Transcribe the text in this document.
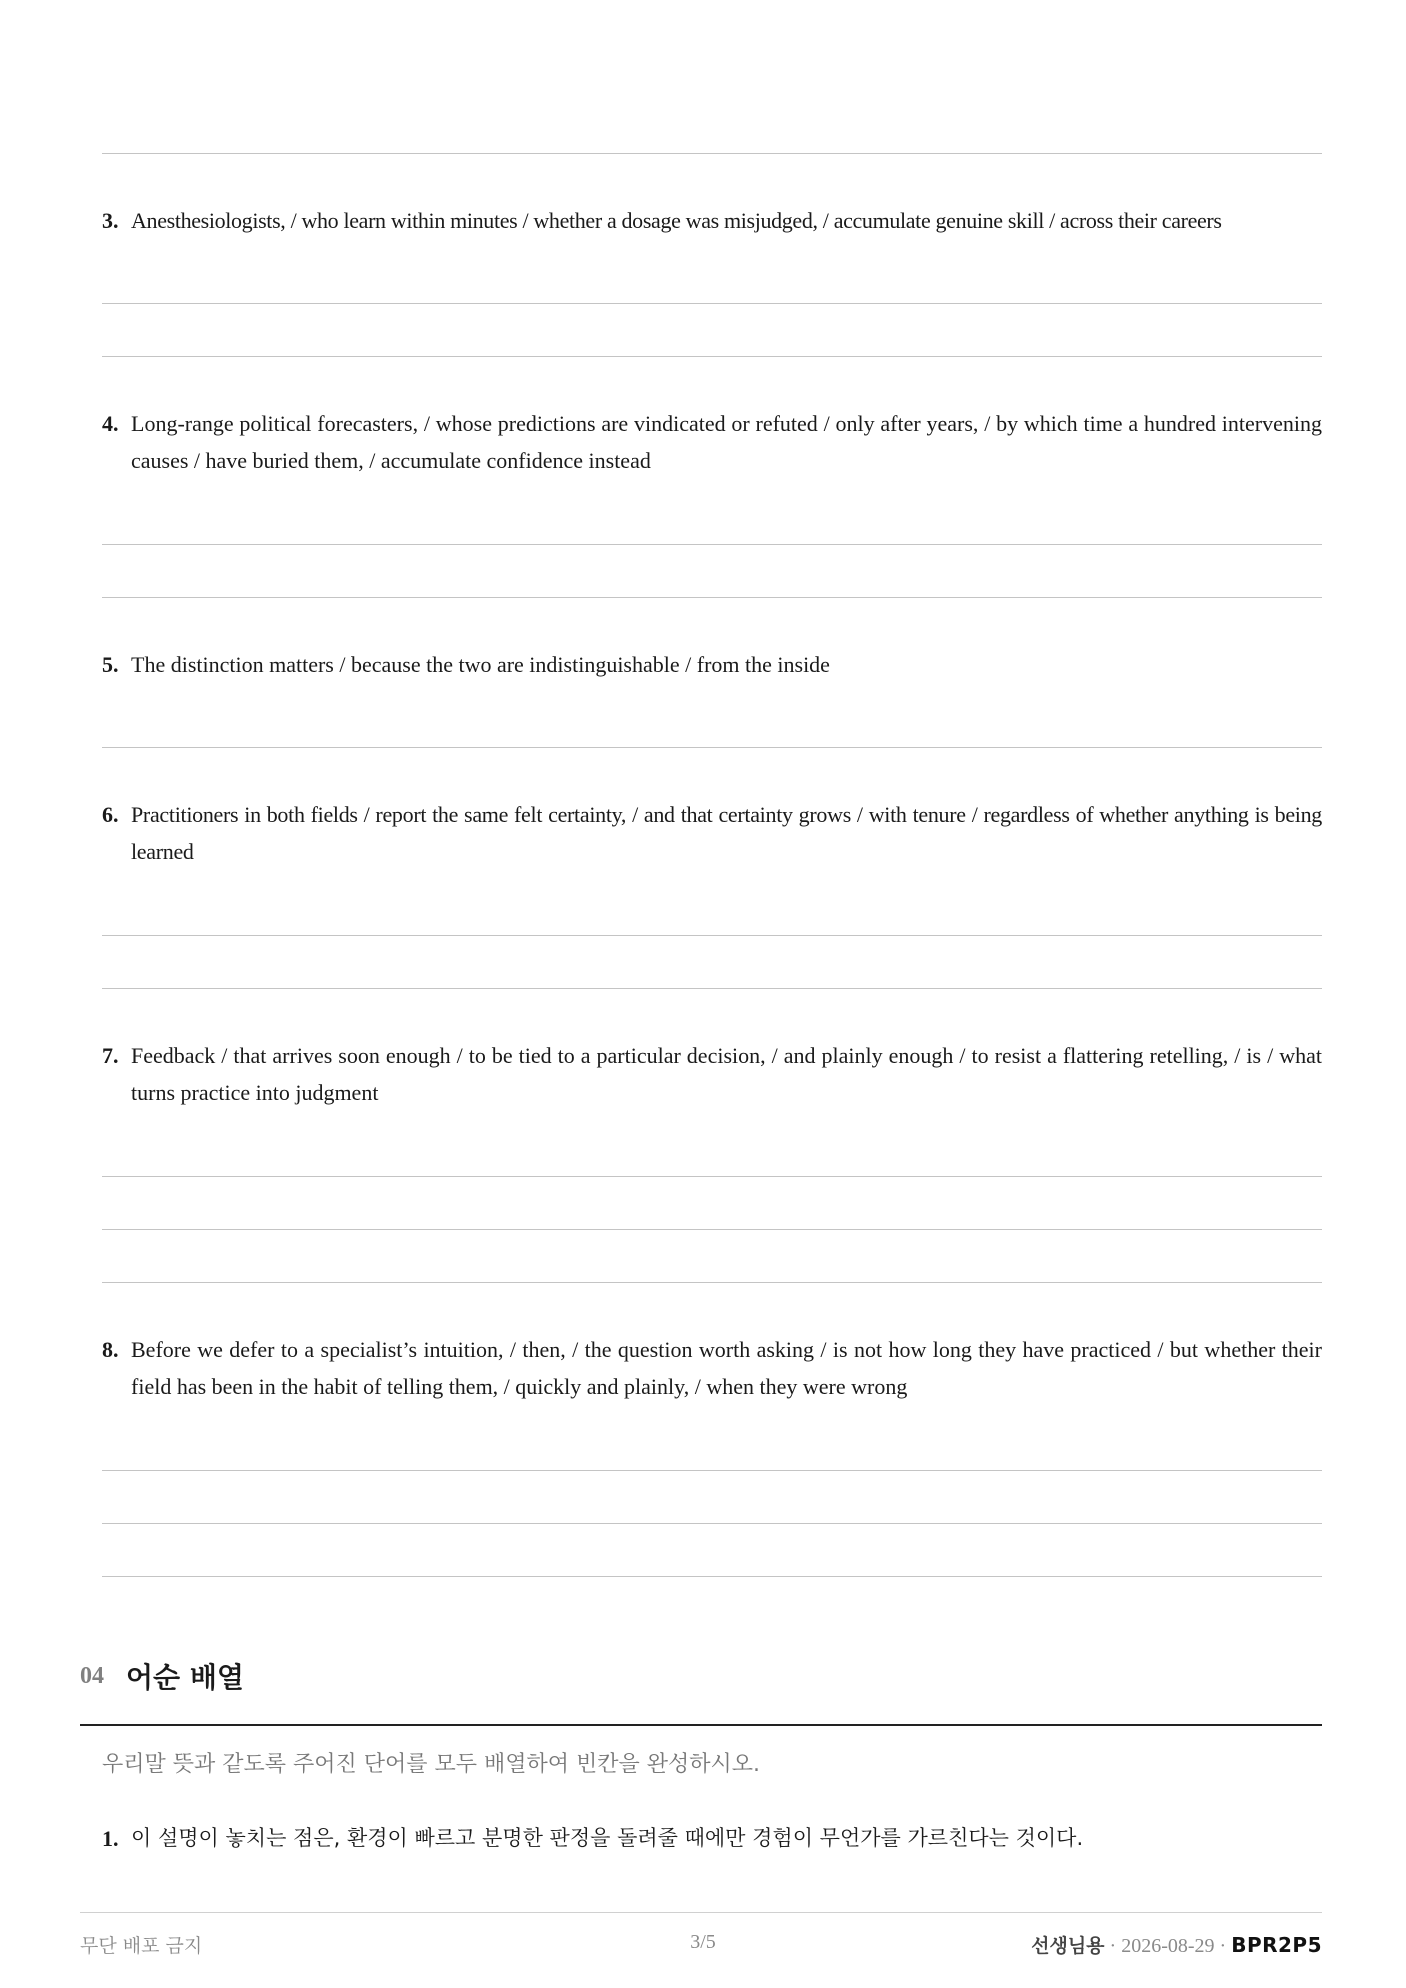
3. Anesthesiologists, / who learn within minutes / whether a dosage was misjudged, / accumulate genuine skill / across their careers
4. Long-range political forecasters, / whose predictions are vindicated or refuted / only after years, / by which time a hundred intervening causes / have buried them, / accumulate confidence instead
5. The distinction matters / because the two are indistinguishable / from the inside
6. Practitioners in both fields / report the same felt certainty, / and that certainty grows / with tenure / regardless of whether anything is being learned
7. Feedback / that arrives soon enough / to be tied to a particular decision, / and plainly enough / to resist a flattering retelling, / is / what turns practice into judgment
8. Before we defer to a specialist’s intuition, / then, / the question worth asking / is not how long they have practiced / but whether their field has been in the habit of telling them, / quickly and plainly, / when they were wrong
04 어순 배열
우리말 뜻과 같도록 주어진 단어를 모두 배열하여 빈칸을 완성하시오.
1. 이 설명이 놓치는 점은, 환경이 빠르고 분명한 판정을 돌려줄 때에만 경험이 무언가를 가르친다는 것이다.
무단 배포 금지	3/5	선생님용 · 2026-08-29 · BPR2P5
